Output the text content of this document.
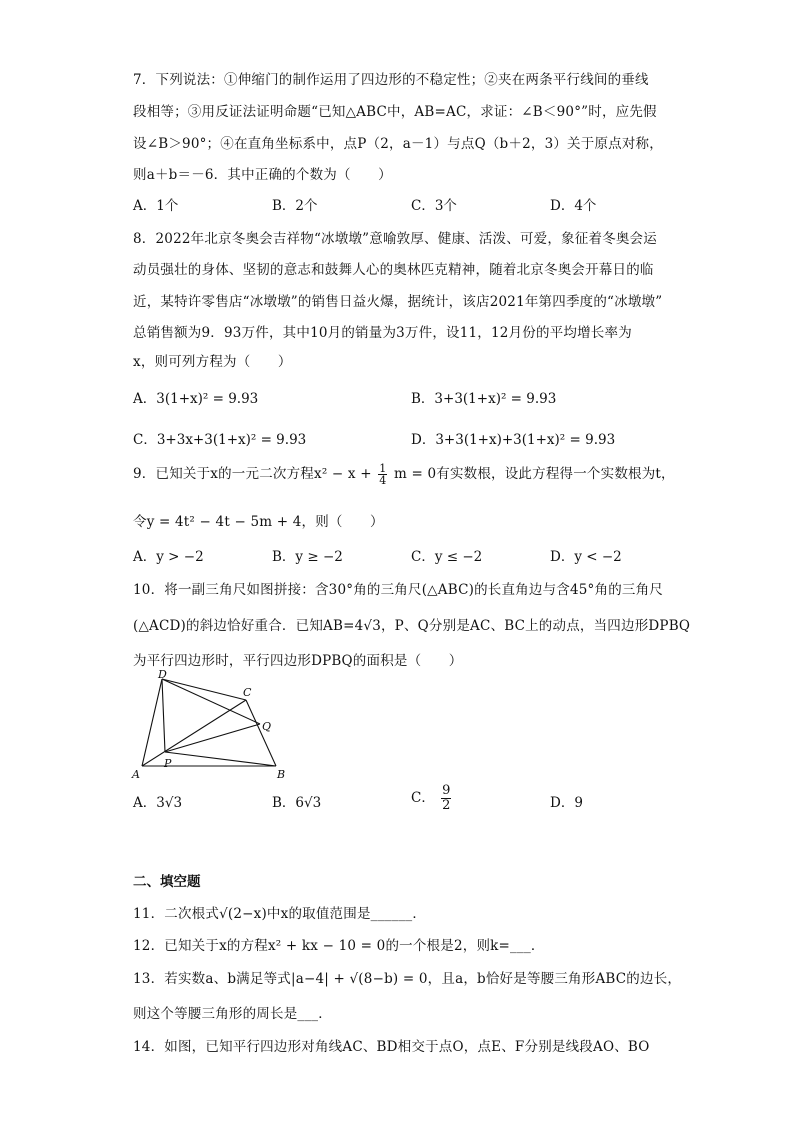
7．下列说法：①伸缩门的制作运用了四边形的不稳定性；②夹在两条平行线间的垂线
段相等；③用反证法证明命题“已知△ABC中，AB=AC，求证：∠B＜90°”时，应先假
设∠B＞90°；④在直角坐标系中，点P（2，a－1）与点Q（b＋2，3）关于原点对称，
则a＋b＝－6．其中正确的个数为（　　）
A．1个	B．2个	C．3个	D．4个
8．2022年北京冬奥会吉祥物“冰墩墩”意喻敦厚、健康、活泼、可爱，象征着冬奥会运
动员强壮的身体、坚韧的意志和鼓舞人心的奥林匹克精神，随着北京冬奥会开幕日的临
近，某特许零售店“冰墩墩”的销售日益火爆，据统计，该店2021年第四季度的“冰墩墩”
总销售额为9．93万件，其中10月的销量为3万件，设11，12月份的平均增长率为
x，则可列方程为（　　）
A．3(1+x)² = 9.93	B．3+3(1+x)² = 9.93
C．3+3x+3(1+x)² = 9.93	D．3+3(1+x)+3(1+x)² = 9.93
9．已知关于x的一元二次方程$x^2 - x + \frac{1}{4}$ m = 0有实数根，设此方程得一个实数根为t，
令y = 4t² − 4t − 5m + 4，则（　　）
A．y > −2	B．y ≥ −2	C．y ≤ −2	D．y < −2
10．将一副三角尺如图拼接：含30°角的三角尺(△ABC)的长直角边与含45°角的三角尺
(△ACD)的斜边恰好重合．已知AB=4√3，P、Q分别是AC、BC上的动点，当四边形DPBQ
为平行四边形时，平行四边形DPBQ的面积是（　　）
A	B
C
D
P
Q
A．3√3	B．6√3	C． $\frac{9}{2}$	D．9
二、填空题
11．二次根式√(2−x)中x的取值范围是______．
12．已知关于x的方程x² + kx − 10 = 0的一个根是2，则k=___．
13．若实数a、b满足等式|a−4| + √(8−b) = 0，且a，b恰好是等腰三角形ABC的边长，
则这个等腰三角形的周长是___．
14．如图，已知平行四边形对角线AC、BD相交于点O，点E、F分别是线段AO、BO
